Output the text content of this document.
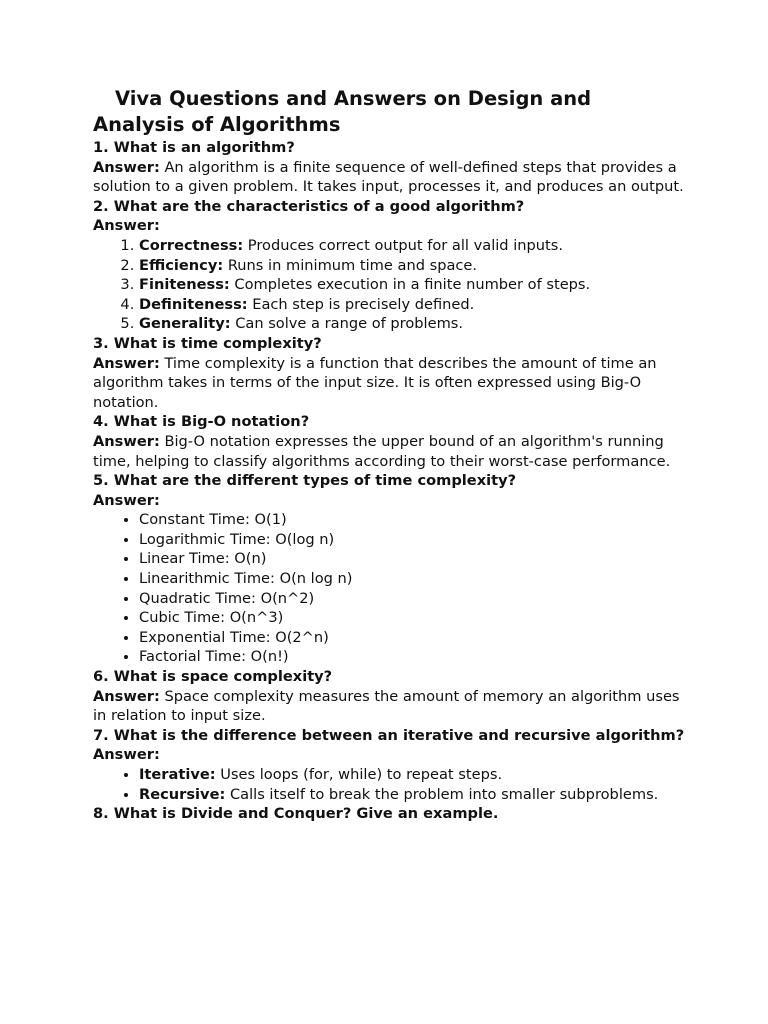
Viva Questions and Answers on Design and Analysis of Algorithms

1. What is an algorithm?

Answer: An algorithm is a finite sequence of well-defined steps that provides a solution to a given problem. It takes input, processes it, and produces an output.

2. What are the characteristics of a good algorithm?

Answer:

1. Correctness: Produces correct output for all valid inputs.
2. Efficiency: Runs in minimum time and space.
3. Finiteness: Completes execution in a finite number of steps.
4. Definiteness: Each step is precisely defined.
5. Generality: Can solve a range of problems.

3. What is time complexity?

Answer: Time complexity is a function that describes the amount of time an algorithm takes in terms of the input size. It is often expressed using Big-O notation.

4. What is Big-O notation?

Answer: Big-O notation expresses the upper bound of an algorithm's running time, helping to classify algorithms according to their worst-case performance.

5. What are the different types of time complexity?

Answer:

• Constant Time: O(1)
• Logarithmic Time: O(log n)
• Linear Time: O(n)
• Linearithmic Time: O(n log n)
• Quadratic Time: O(n^2)
• Cubic Time: O(n^3)
• Exponential Time: O(2^n)
• Factorial Time: O(n!)

6. What is space complexity?

Answer: Space complexity measures the amount of memory an algorithm uses in relation to input size.

7. What is the difference between an iterative and recursive algorithm?

Answer:

• Iterative: Uses loops (for, while) to repeat steps.
• Recursive: Calls itself to break the problem into smaller subproblems.

8. What is Divide and Conquer? Give an example.
